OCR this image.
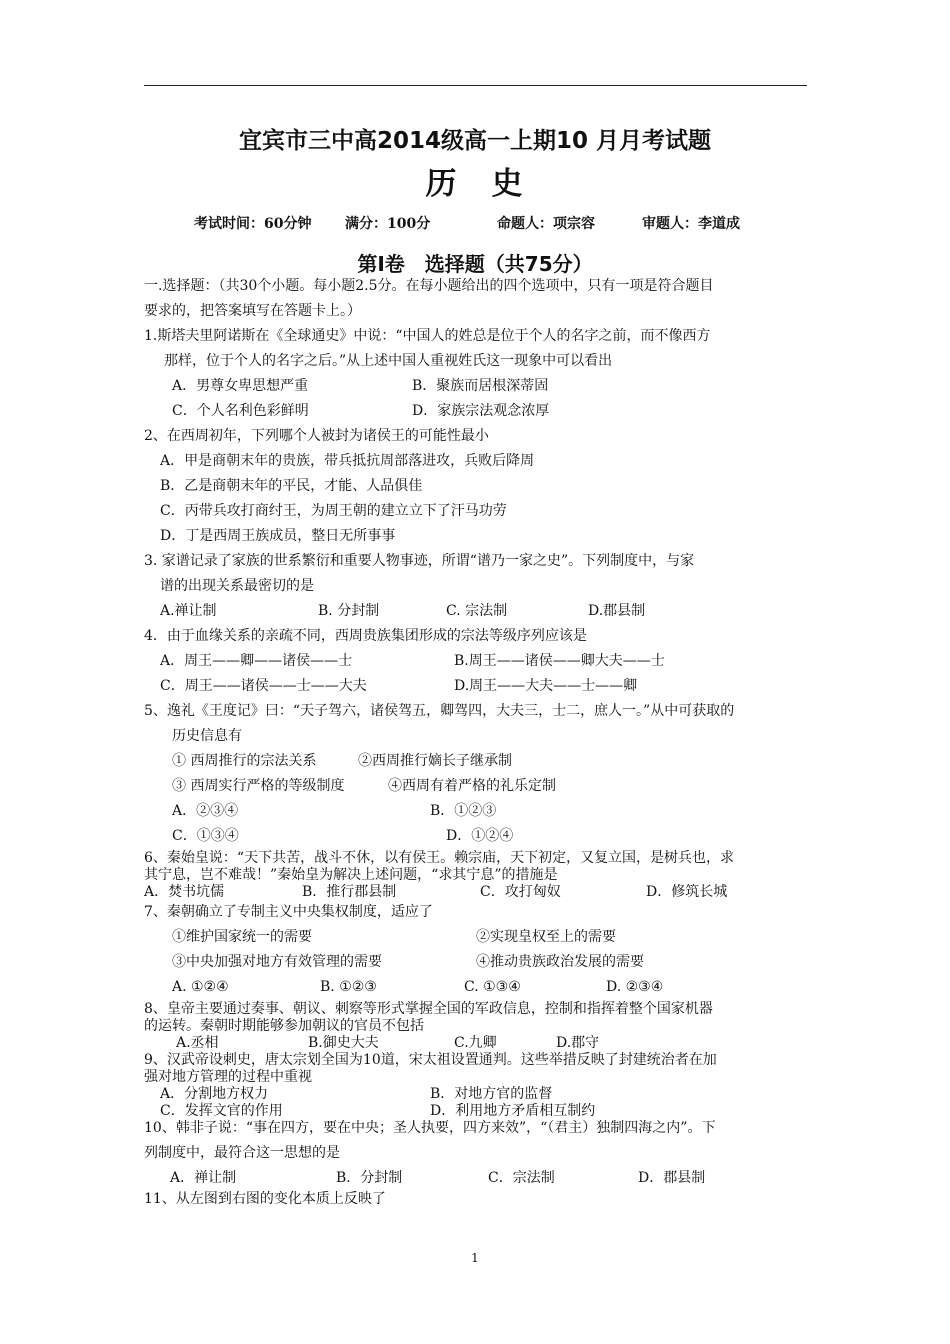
宜宾市三中高2014级高一上期10 月月考试题
历　史
考试时间：60分钟 满分：100分	命题人：项宗容	审题人：李道成
第Ⅰ卷　选择题（共75分）
一.选择题：（共30个小题。每小题2.5分。在每小题给出的四个选项中，只有一项是符合题目
要求的，把答案填写在答题卡上。）
1.斯塔夫里阿诺斯在《全球通史》中说：“中国人的姓总是位于个人的名字之前，而不像西方
那样，位于个人的名字之后。”从上述中国人重视姓氏这一现象中可以看出
A．男尊女卑思想严重	B．聚族而居根深蒂固
C．个人名利色彩鲜明	D．家族宗法观念浓厚
2、在西周初年，下列哪个人被封为诸侯王的可能性最小
A．甲是商朝末年的贵族，带兵抵抗周部落进攻，兵败后降周
B．乙是商朝末年的平民，才能、人品俱佳
C．丙带兵攻打商纣王，为周王朝的建立立下了汗马功劳
D．丁是西周王族成员，整日无所事事
3. 家谱记录了家族的世系繁衍和重要人物事迹，所谓“谱乃一家之史”。下列制度中，与家
谱的出现关系最密切的是
A.禅让制	B. 分封制	C. 宗法制	D.郡县制
4．由于血缘关系的亲疏不同，西周贵族集团形成的宗法等级序列应该是
A．周王——卿——诸侯——士	B.周王——诸侯——卿大夫——士
C．周王——诸侯——士——大夫	D.周王——大夫——士——卿
5、逸礼《王度记》曰：“天子驾六，诸侯驾五，卿驾四，大夫三，士二，庶人一。”从中可获取的
历史信息有
① 西周推行的宗法关系	②西周推行嫡长子继承制
③ 西周实行严格的等级制度	④西周有着严格的礼乐定制
A．②③④	B．①②③
C．①③④	D．①②④
6、秦始皇说：“天下共苦，战斗不休，以有侯王。赖宗庙，天下初定，又复立国，是树兵也，求
其宁息，岂不难哉！”秦始皇为解决上述问题，“求其宁息”的措施是
A．焚书坑儒	B．推行郡县制	C．攻打匈奴	D．修筑长城
7、秦朝确立了专制主义中央集权制度，适应了
①维护国家统一的需要	②实现皇权至上的需要
③中央加强对地方有效管理的需要	④推动贵族政治发展的需要
A. ①②④	B. ①②③	C. ①③④	D. ②③④
8、皇帝主要通过奏事、朝议、刺察等形式掌握全国的军政信息，控制和指挥着整个国家机器
的运转。秦朝时期能够参加朝议的官员不包括
A.丞相	B.御史大夫	C.九卿	D.郡守
9、汉武帝设刺史，唐太宗划全国为10道，宋太祖设置通判。这些举措反映了封建统治者在加
强对地方管理的过程中重视
A．分割地方权力	B．对地方官的监督
C．发挥文官的作用	D．利用地方矛盾相互制约
10、韩非子说：“事在四方，要在中央；圣人执要，四方来效”，“（君主）独制四海之内”。下
列制度中，最符合这一思想的是
A．禅让制	B．分封制	C．宗法制	D．郡县制
11、从左图到右图的变化本质上反映了
1
